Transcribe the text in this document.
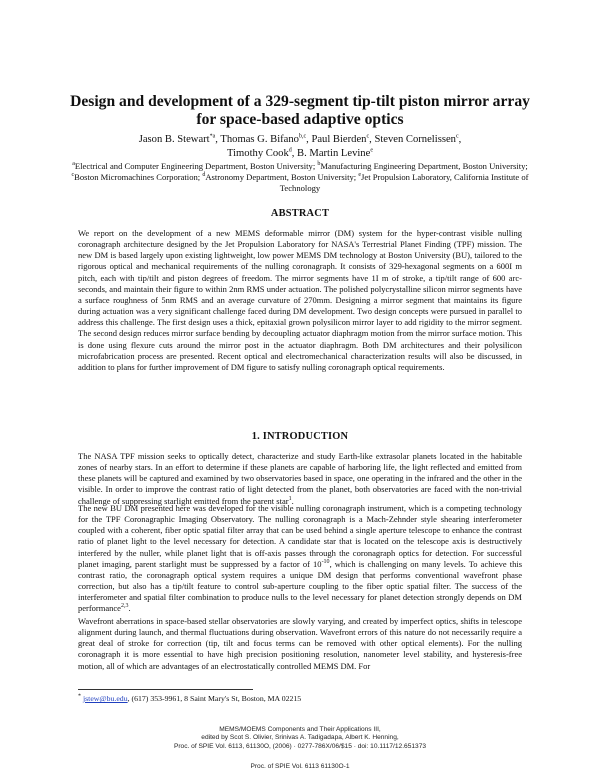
Design and development of a 329-segment tip-tilt piston mirror array for space-based adaptive optics
Jason B. Stewart$^{*a}$, Thomas G. Bifano$^{b,c}$, Paul Bierden$^c$, Steven Cornelissen$^c$,
Timothy Cook$^d$, B. Martin Levine$^e$
$^a$Electrical and Computer Engineering Department, Boston University; $^b$Manufacturing Engineering Department, Boston University; $^c$Boston Micromachines Corporation; $^d$Astronomy Department, Boston University; $^e$Jet Propulsion Laboratory, California Institute of Technology
ABSTRACT

We report on the development of a new MEMS deformable mirror (DM) system for the hyper-contrast visible nulling coronagraph architecture designed by the Jet Propulsion Laboratory for NASA's Terrestrial Planet Finding (TPF) mission. The new DM is based largely upon existing lightweight, low power MEMS DM technology at Boston University (BU), tailored to the rigorous optical and mechanical requirements of the nulling coronagraph. It consists of 329-hexagonal segments on a 600I m pitch, each with tip/tilt and piston degrees of freedom. The mirror segments have 1I m of stroke, a tip/tilt range of 600 arc-seconds, and maintain their figure to within 2nm RMS under actuation. The polished polycrystalline silicon mirror segments have a surface roughness of 5nm RMS and an average curvature of 270mm. Designing a mirror segment that maintains its figure during actuation was a very significant challenge faced during DM development. Two design concepts were pursued in parallel to address this challenge. The first design uses a thick, epitaxial grown polysilicon mirror layer to add rigidity to the mirror segment. The second design reduces mirror surface bending by decoupling actuator diaphragm motion from the mirror surface motion. This is done using flexure cuts around the mirror post in the actuator diaphragm. Both DM architectures and their polysilicon microfabrication process are presented. Recent optical and electromechanical characterization results will also be discussed, in addition to plans for further improvement of DM figure to satisfy nulling coronagraph optical requirements.

1. INTRODUCTION

The NASA TPF mission seeks to optically detect, characterize and study Earth-like extrasolar planets located in the habitable zones of nearby stars. In an effort to determine if these planets are capable of harboring life, the light reflected and emitted from these planets will be captured and examined by two observatories based in space, one operating in the infrared and the other in the visible. In order to improve the contrast ratio of light detected from the planet, both observatories are faced with the non-trivial challenge of suppressing starlight emitted from the parent star$^1$.

The new BU DM presented here was developed for the visible nulling coronagraph instrument, which is a competing technology for the TPF Coronagraphic Imaging Observatory. The nulling coronagraph is a Mach-Zehnder style shearing interferometer coupled with a coherent, fiber optic spatial filter array that can be used behind a single aperture telescope to enhance the contrast ratio of planet light to the level necessary for detection. A candidate star that is located on the telescope axis is destructively interfered by the nuller, while planet light that is off-axis passes through the coronagraph optics for detection. For successful planet imaging, parent starlight must be suppressed by a factor of $10^{-10}$, which is challenging on many levels. To achieve this contrast ratio, the coronagraph optical system requires a unique DM design that performs conventional wavefront phase correction, but also has a tip/tilt feature to control sub-aperture coupling to the fiber optic spatial filter. The success of the interferometer and spatial filter combination to produce nulls to the level necessary for planet detection strongly depends on DM performance$^{2,3}$.

Wavefront aberrations in space-based stellar observatories are slowly varying, and created by imperfect optics, shifts in telescope alignment during launch, and thermal fluctuations during observation. Wavefront errors of this nature do not necessarily require a great deal of stroke for correction (tip, tilt and focus terms can be removed with other optical elements). For the nulling coronagraph it is more essential to have high precision positioning resolution, nanometer level stability, and hysteresis-free motion, all of which are advantages of an electrostatically controlled MEMS DM. For

* jstew@bu.edu, (617) 353-9961, 8 Saint Mary's St, Boston, MA 02215
MEMS/MOEMS Components and Their Applications III,
edited by Scot S. Olivier, Srinivas A. Tadigadapa, Albert K. Henning,
Proc. of SPIE Vol. 6113, 61130O, (2006) · 0277-786X/06/$15 · doi: 10.1117/12.651373
Proc. of SPIE Vol. 6113 61130O-1
